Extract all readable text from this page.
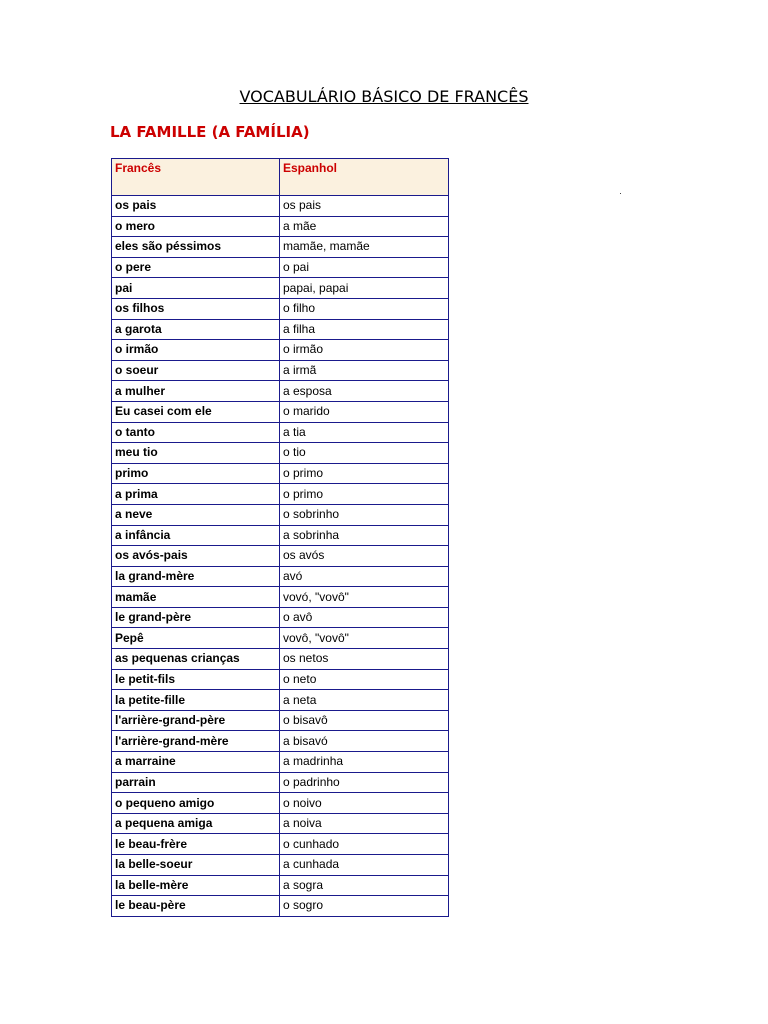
VOCABULÁRIO BÁSICO DE FRANCÊS
LA FAMILLE (A FAMÍLIA)
Francês	Espanhol
os pais	os pais
o mero	a mãe
eles são péssimos	mamãe, mamãe
o pere	o pai
pai	papai, papai
os filhos	o filho
a garota	a filha
o irmão	o irmão
o soeur	a irmã
a mulher	a esposa
Eu casei com ele	o marido
o tanto	a tia
meu tio	o tio
primo	o primo
a prima	o primo
a neve	o sobrinho
a infância	a sobrinha
os avós-pais	os avós
la grand-mère	avó
mamãe	vovó, "vovô"
le grand-père	o avô
Pepê	vovô, "vovô"
as pequenas crianças	os netos
le petit-fils	o neto
la petite-fille	a neta
l'arrière-grand-père	o bisavô
l'arrière-grand-mère	a bisavó
a marraine	a madrinha
parrain	o padrinho
o pequeno amigo	o noivo
a pequena amiga	a noiva
le beau-frère	o cunhado
la belle-soeur	a cunhada
la belle-mère	a sogra
le beau-père	o sogro
